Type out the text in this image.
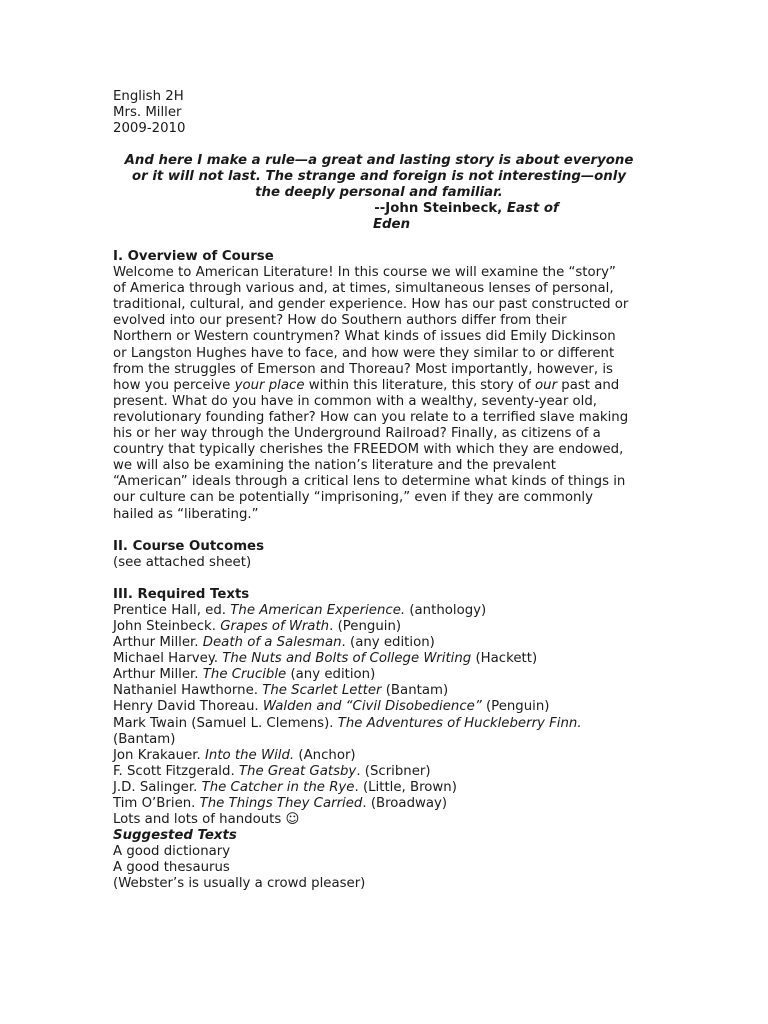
English 2H
Mrs. Miller
2009-2010
And here I make a rule—a great and lasting story is about everyone
or it will not last. The strange and foreign is not interesting—only
the deeply personal and familiar.
--John Steinbeck, East of
Eden
I. Overview of Course
Welcome to American Literature! In this course we will examine the “story”
of America through various and, at times, simultaneous lenses of personal,
traditional, cultural, and gender experience. How has our past constructed or
evolved into our present? How do Southern authors differ from their
Northern or Western countrymen? What kinds of issues did Emily Dickinson
or Langston Hughes have to face, and how were they similar to or different
from the struggles of Emerson and Thoreau? Most importantly, however, is
how you perceive your place within this literature, this story of our past and
present. What do you have in common with a wealthy, seventy-year old,
revolutionary founding father? How can you relate to a terrified slave making
his or her way through the Underground Railroad? Finally, as citizens of a
country that typically cherishes the FREEDOM with which they are endowed,
we will also be examining the nation’s literature and the prevalent
“American” ideals through a critical lens to determine what kinds of things in
our culture can be potentially “imprisoning,” even if they are commonly
hailed as “liberating.”
II. Course Outcomes
(see attached sheet)
III. Required Texts
Prentice Hall, ed. The American Experience. (anthology)
John Steinbeck. Grapes of Wrath. (Penguin)
Arthur Miller. Death of a Salesman. (any edition)
Michael Harvey. The Nuts and Bolts of College Writing (Hackett)
Arthur Miller. The Crucible (any edition)
Nathaniel Hawthorne. The Scarlet Letter (Bantam)
Henry David Thoreau. Walden and “Civil Disobedience” (Penguin)
Mark Twain (Samuel L. Clemens). The Adventures of Huckleberry Finn.
(Bantam)
Jon Krakauer. Into the Wild. (Anchor)
F. Scott Fitzgerald. The Great Gatsby. (Scribner)
J.D. Salinger. The Catcher in the Rye. (Little, Brown)
Tim O’Brien. The Things They Carried. (Broadway)
Lots and lots of handouts ☺
Suggested Texts
A good dictionary
A good thesaurus
(Webster’s is usually a crowd pleaser)
